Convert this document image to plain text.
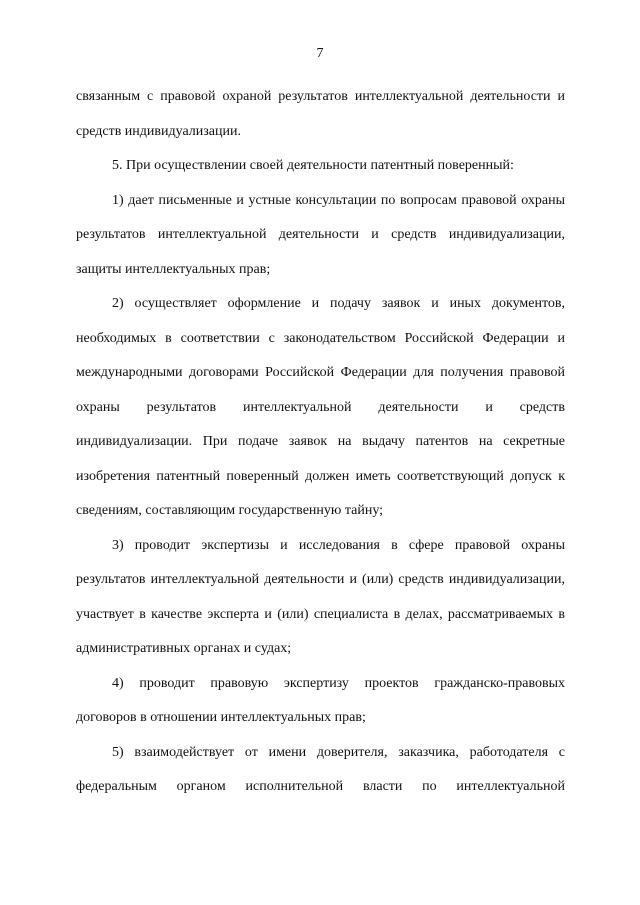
7

связанным с правовой охраной результатов интеллектуальной деятельности и средств индивидуализации.

5. При осуществлении своей деятельности патентный поверенный:

1) дает письменные и устные консультации по вопросам правовой охраны результатов интеллектуальной деятельности и средств индивидуализации, защиты интеллектуальных прав;

2) осуществляет оформление и подачу заявок и иных документов, необходимых в соответствии с законодательством Российской Федерации и международными договорами Российской Федерации для получения правовой охраны результатов интеллектуальной деятельности и средств индивидуализации. При подаче заявок на выдачу патентов на секретные изобретения патентный поверенный должен иметь соответствующий допуск к сведениям, составляющим государственную тайну;

3) проводит экспертизы и исследования в сфере правовой охраны результатов интеллектуальной деятельности и (или) средств индивидуализации, участвует в качестве эксперта и (или) специалиста в делах, рассматриваемых в административных органах и судах;

4) проводит правовую экспертизу проектов гражданско-правовых договоров в отношении интеллектуальных прав;

5) взаимодействует от имени доверителя, заказчика, работодателя с федеральным органом исполнительной власти по интеллектуальной
